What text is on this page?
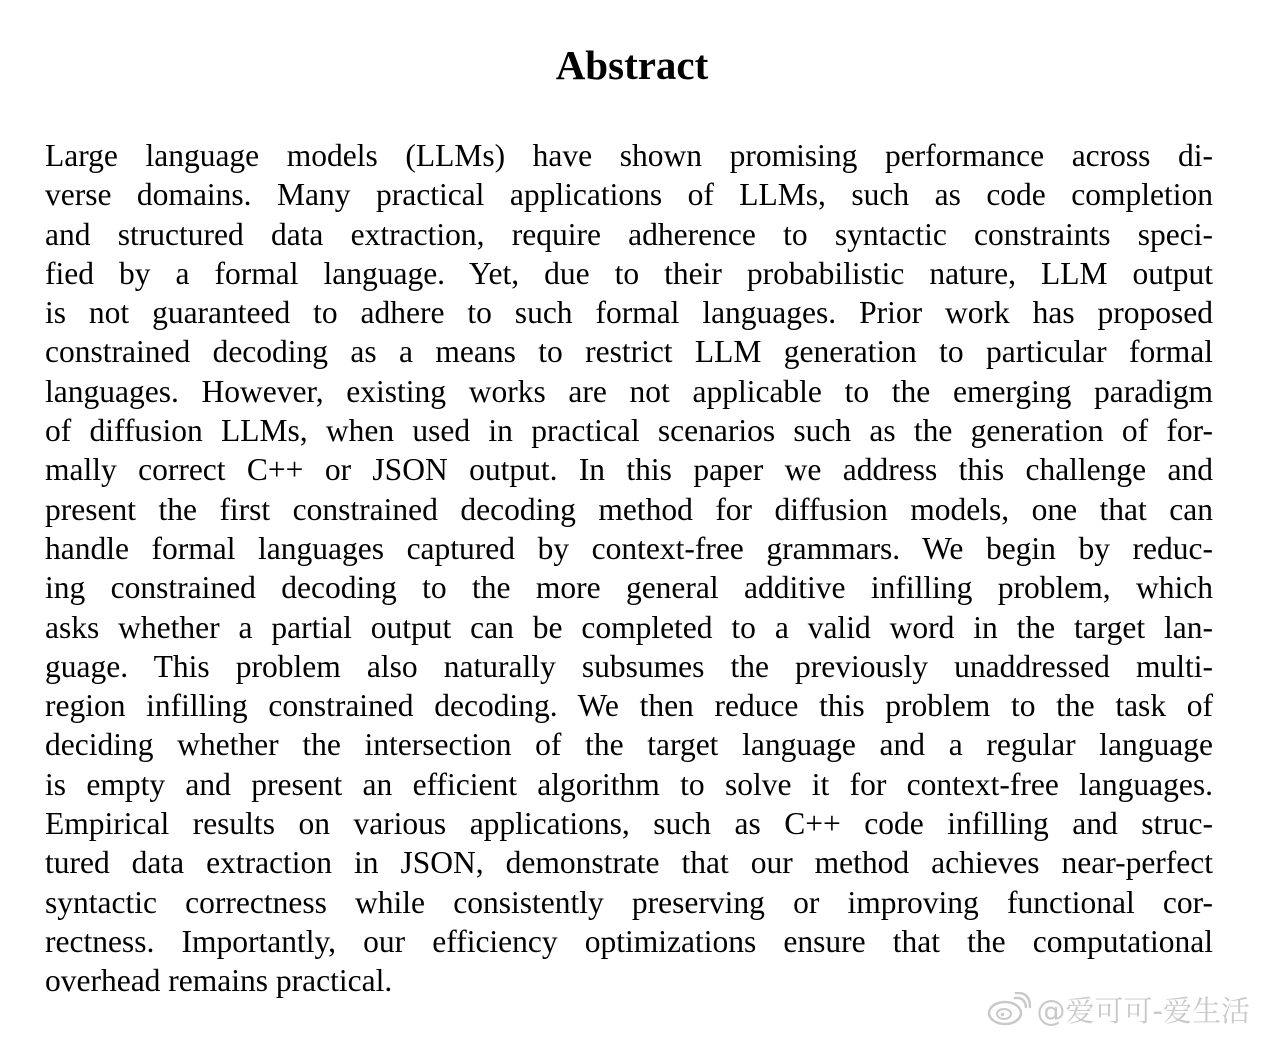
Abstract
Large language models (LLMs) have shown promising performance across di-
verse domains. Many practical applications of LLMs, such as code completion
and structured data extraction, require adherence to syntactic constraints speci-
fied by a formal language. Yet, due to their probabilistic nature, LLM output
is not guaranteed to adhere to such formal languages. Prior work has proposed
constrained decoding as a means to restrict LLM generation to particular formal
languages. However, existing works are not applicable to the emerging paradigm
of diffusion LLMs, when used in practical scenarios such as the generation of for-
mally correct C++ or JSON output. In this paper we address this challenge and
present the first constrained decoding method for diffusion models, one that can
handle formal languages captured by context-free grammars. We begin by reduc-
ing constrained decoding to the more general additive infilling problem, which
asks whether a partial output can be completed to a valid word in the target lan-
guage. This problem also naturally subsumes the previously unaddressed multi-
region infilling constrained decoding. We then reduce this problem to the task of
deciding whether the intersection of the target language and a regular language
is empty and present an efficient algorithm to solve it for context-free languages.
Empirical results on various applications, such as C++ code infilling and struc-
tured data extraction in JSON, demonstrate that our method achieves near-perfect
syntactic correctness while consistently preserving or improving functional cor-
rectness. Importantly, our efficiency optimizations ensure that the computational
overhead remains practical.
@爱可可-爱生活
